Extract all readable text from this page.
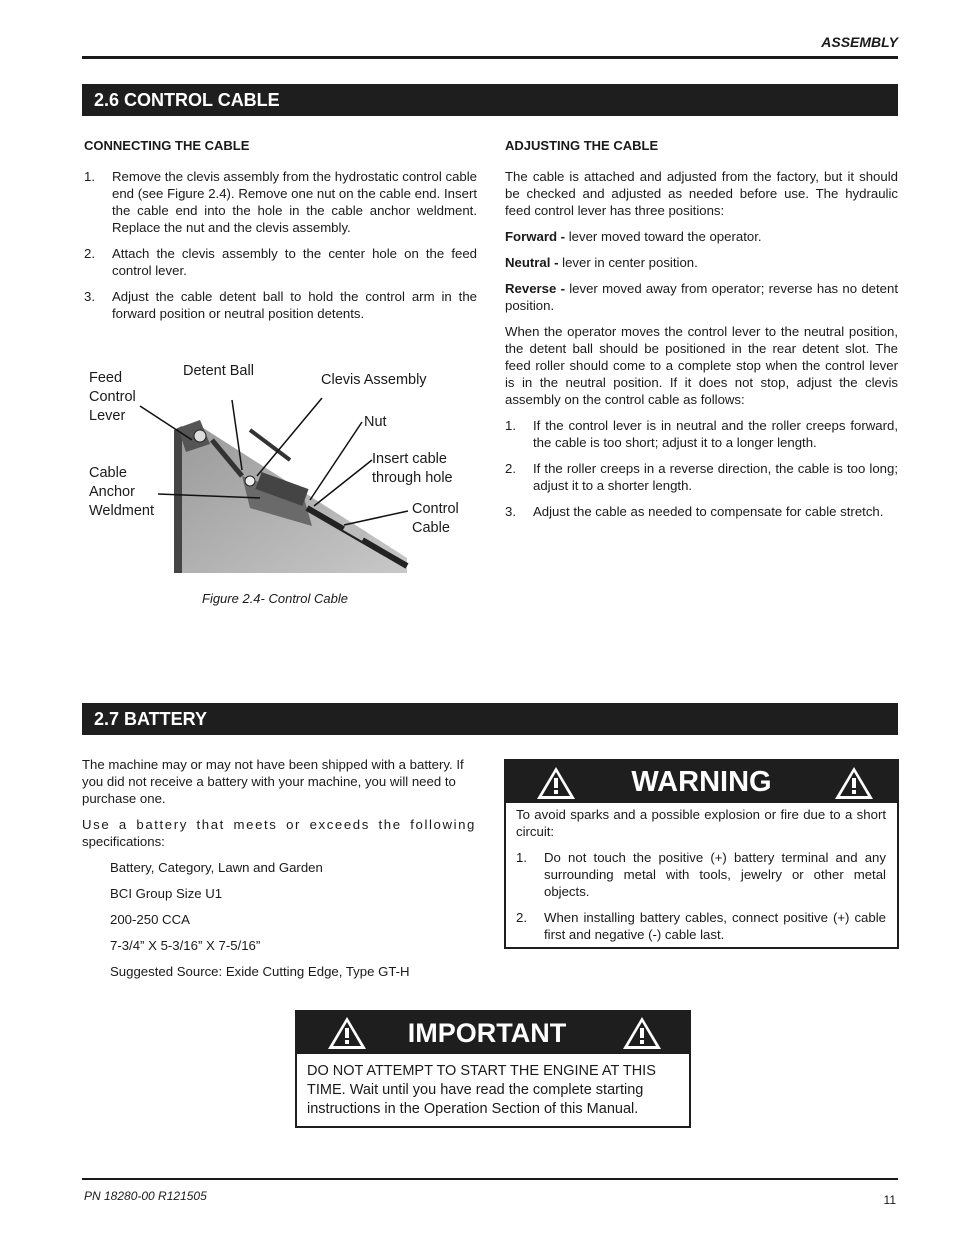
ASSEMBLY
2.6 CONTROL CABLE

CONNECTING THE CABLE

1. Remove the clevis assembly from the hydrostatic control cable end (see Figure 2.4). Remove one nut on the cable end. Insert the cable end into the hole in the cable anchor weldment. Replace the nut and the clevis assembly.
2. Attach the clevis assembly to the center hole on the feed control lever.
3. Adjust the cable detent ball to hold the control arm in the forward position or neutral position detents.
Feed
Control
Lever
Detent Ball
Clevis Assembly
Nut
Insert cable
through hole
Cable
Anchor
Weldment	Control
Cable
Figure 2.4- Control Cable

ADJUSTING THE CABLE

The cable is attached and adjusted from the factory, but it should be checked and adjusted as needed before use. The hydraulic feed control lever has three positions:

Forward - lever moved toward the operator.

Neutral - lever in center position.

Reverse - lever moved away from operator; reverse has no detent position.

When the operator moves the control lever to the neutral position, the detent ball should be positioned in the rear detent slot. The feed roller should come to a complete stop when the control lever is in the neutral position. If it does not stop, adjust the clevis assembly on the control cable as follows:

1. If the control lever is in neutral and the roller creeps forward, the cable is too short; adjust it to a longer length.
2. If the roller creeps in a reverse direction, the cable is too long; adjust it to a shorter length.
3. Adjust the cable as needed to compensate for cable stretch.
2.7 BATTERY

The machine may or may not have been shipped with a battery. If you did not receive a battery with your machine, you will need to purchase one.

Use a battery that meets or exceeds the following

specifications:

Battery, Category, Lawn and Garden

BCI Group Size U1

200-250 CCA

7-3/4” X 5-3/16” X 7-5/16”

Suggested Source: Exide Cutting Edge, Type GT-H

WARNING

To avoid sparks and a possible explosion or fire due to a short circuit:

1. Do not touch the positive (+) battery terminal and any surrounding metal with tools, jewelry or other metal objects.
2. When installing battery cables, connect positive (+) cable first and negative (-) cable last.
IMPORTANT
DO NOT ATTEMPT TO START THE ENGINE AT THIS TIME. Wait until you have read the complete starting instructions in the Operation Section of this Manual.
PN 18280-00 R121505	11
